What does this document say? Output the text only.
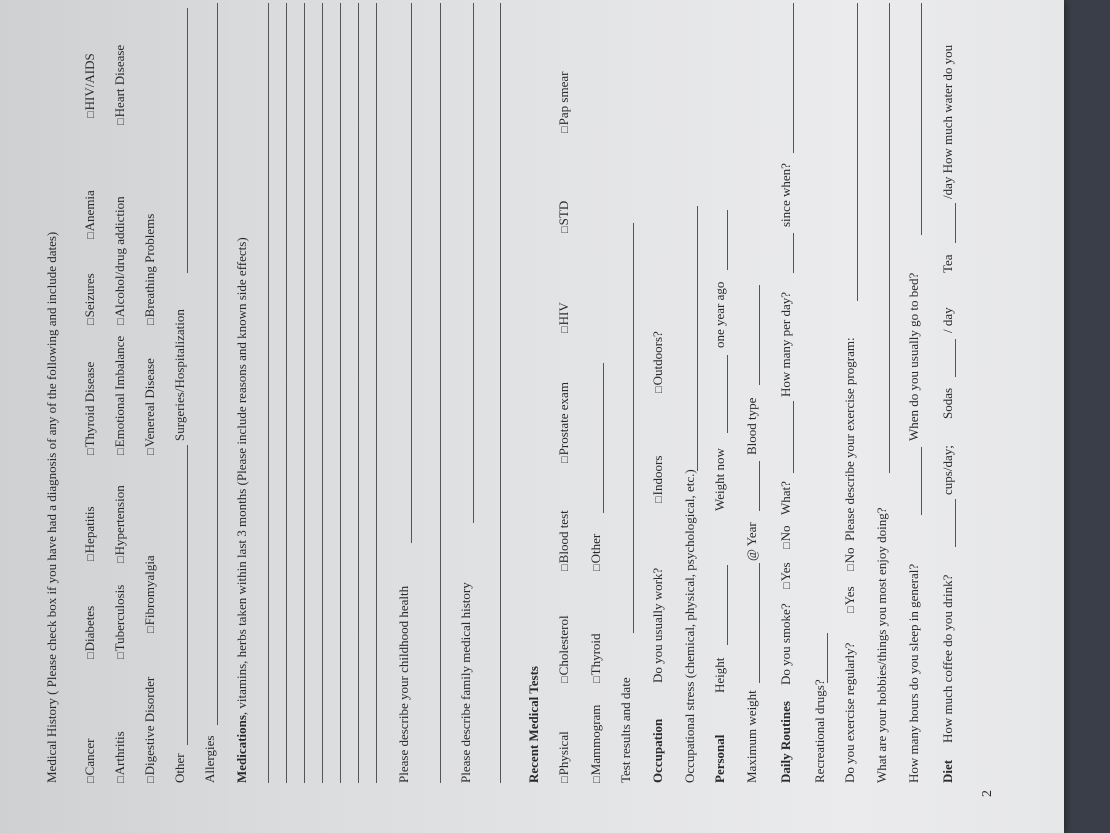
Medical History ( Please check box if you have had a diagnosis of any of the following and include dates)
□ Cancer
□ Diabetes
□ Hepatitis
□ Thyroid Disease
□ Seizures
□ Anemia
□ HIV/AIDS
□ Arthritis
□ Tuberculosis
□ Hypertension
□ Emotional Imbalance
□ Alcohol/drug addiction
□ Heart Disease
□ Digestive Disorder
□ Fibromyalgia
□ Venereal Disease
□ Breathing Problems
Other
Surgeries/Hospitalization
Allergies Medications, vitamins, herbs taken within last 3 months (Please include reasons and known side effects)	Please describe your childhood health	Please describe family medical history	Recent Medical Tests
□ Physical
□ Cholesterol
□ Blood test
□ Prostate exam
□ HIV
□ STD
□ Pap smear
□ Mammogram
□ Thyroid
□ Other
Test results and date Occupation
Do you usually work?
□ Indoors
□ Outdoors?
Occupational stress (chemical, physical, psychological, etc.) Personal
Height
Weight now
one year ago
Maximum weight
@ Year
Blood type
Daily Routines
Do you smoke?
□ Yes
□ No
What?
How many per day?
since when?
Recreational drugs? Do you exercise regularly?
□ Yes
□ No
Please describe your exercise program:
What are your hobbies/things you most enjoy doing? How many hours do you sleep in general?
When do you usually go to bed?
Diet
How much coffee do you drink?
cups/day;
Sodas
/ day
Tea
/day How much water do you
2
